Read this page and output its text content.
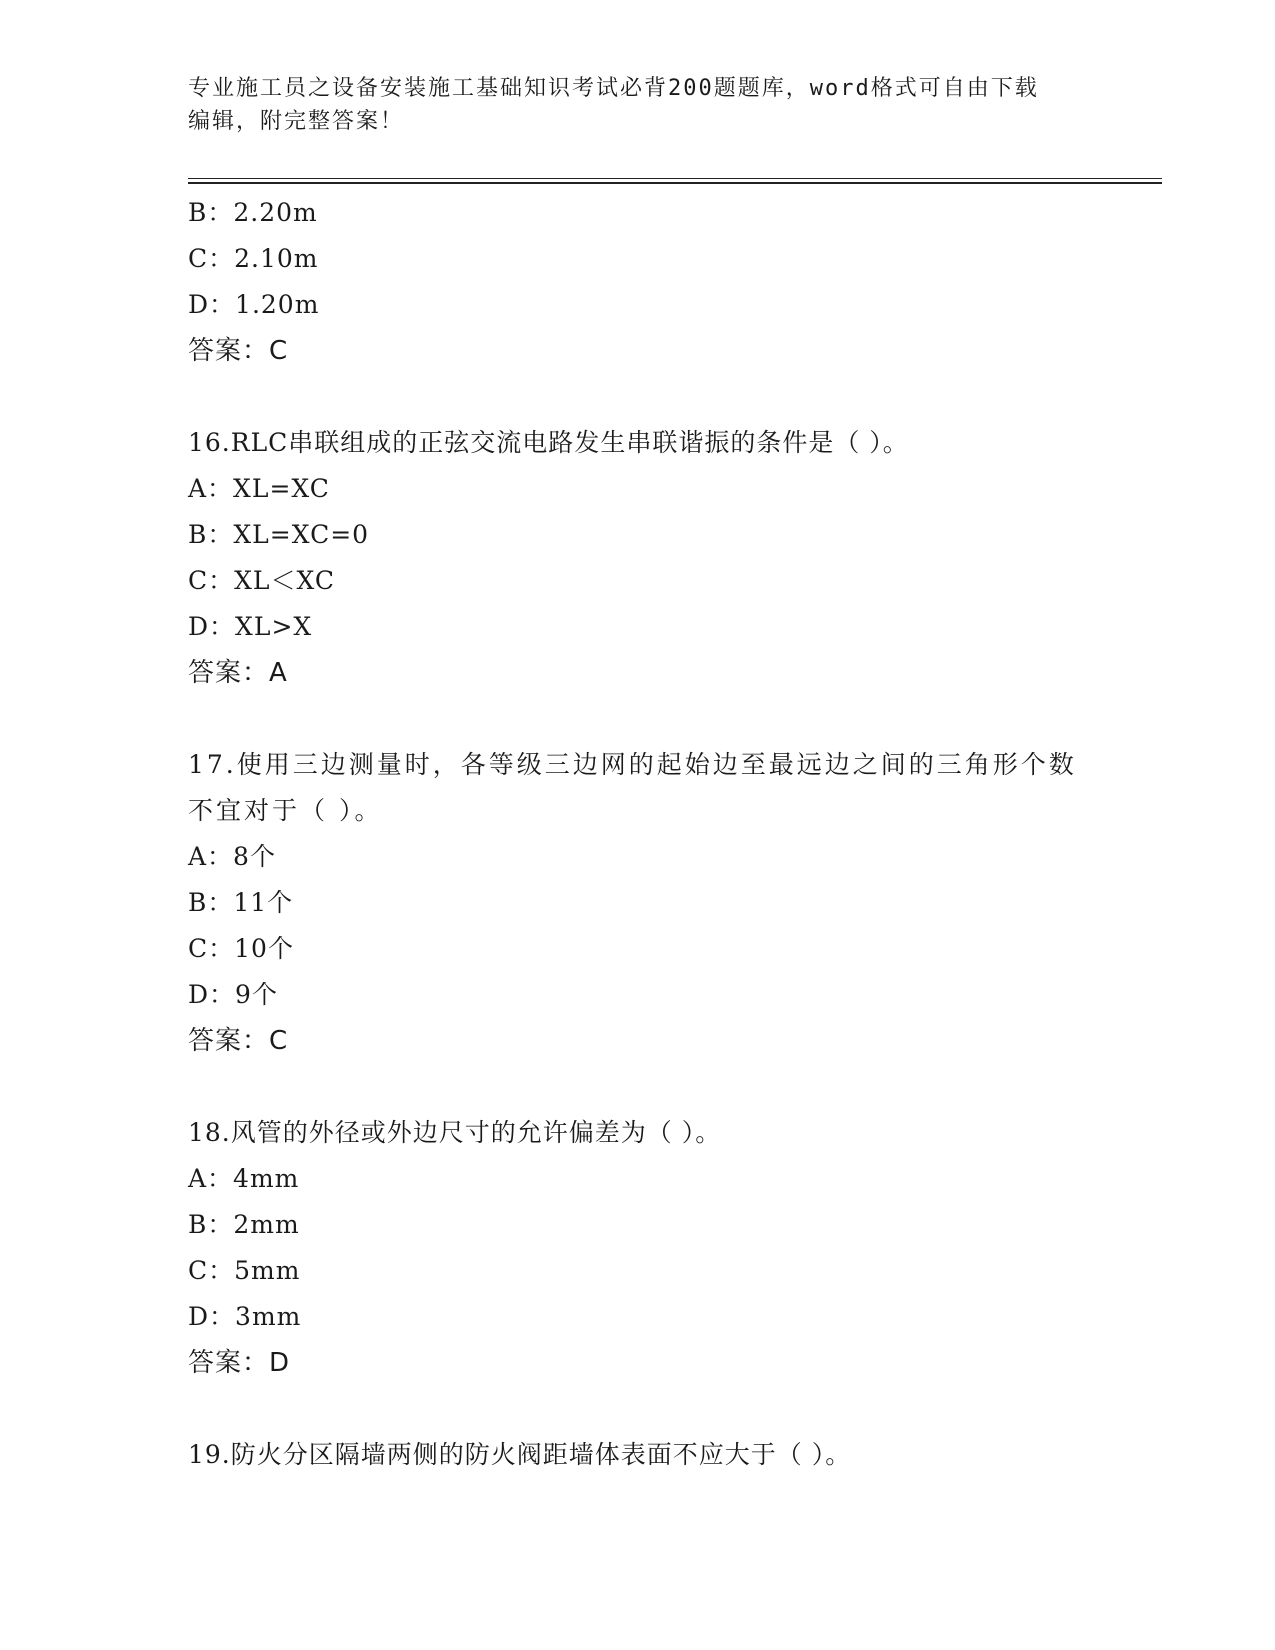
专业施工员之设备安装施工基础知识考试必背200题题库，word格式可自由下载
编辑，附完整答案！
B：2.20m
C：2.10m
D：1.20m
答案：C
16.RLC串联组成的正弦交流电路发生串联谐振的条件是（ ）。
A：XL=XC
B：XL=XC=0
C：XL＜XC
D：XL>X
答案：A
17.使用三边测量时，各等级三边网的起始边至最远边之间的三角形个数不宜对于（ ）。
A：8个
B：11个
C：10个
D：9个
答案：C
18.风管的外径或外边尺寸的允许偏差为（ ）。
A：4mm
B：2mm
C：5mm
D：3mm
答案：D
19.防火分区隔墙两侧的防火阀距墙体表面不应大于（ ）。
